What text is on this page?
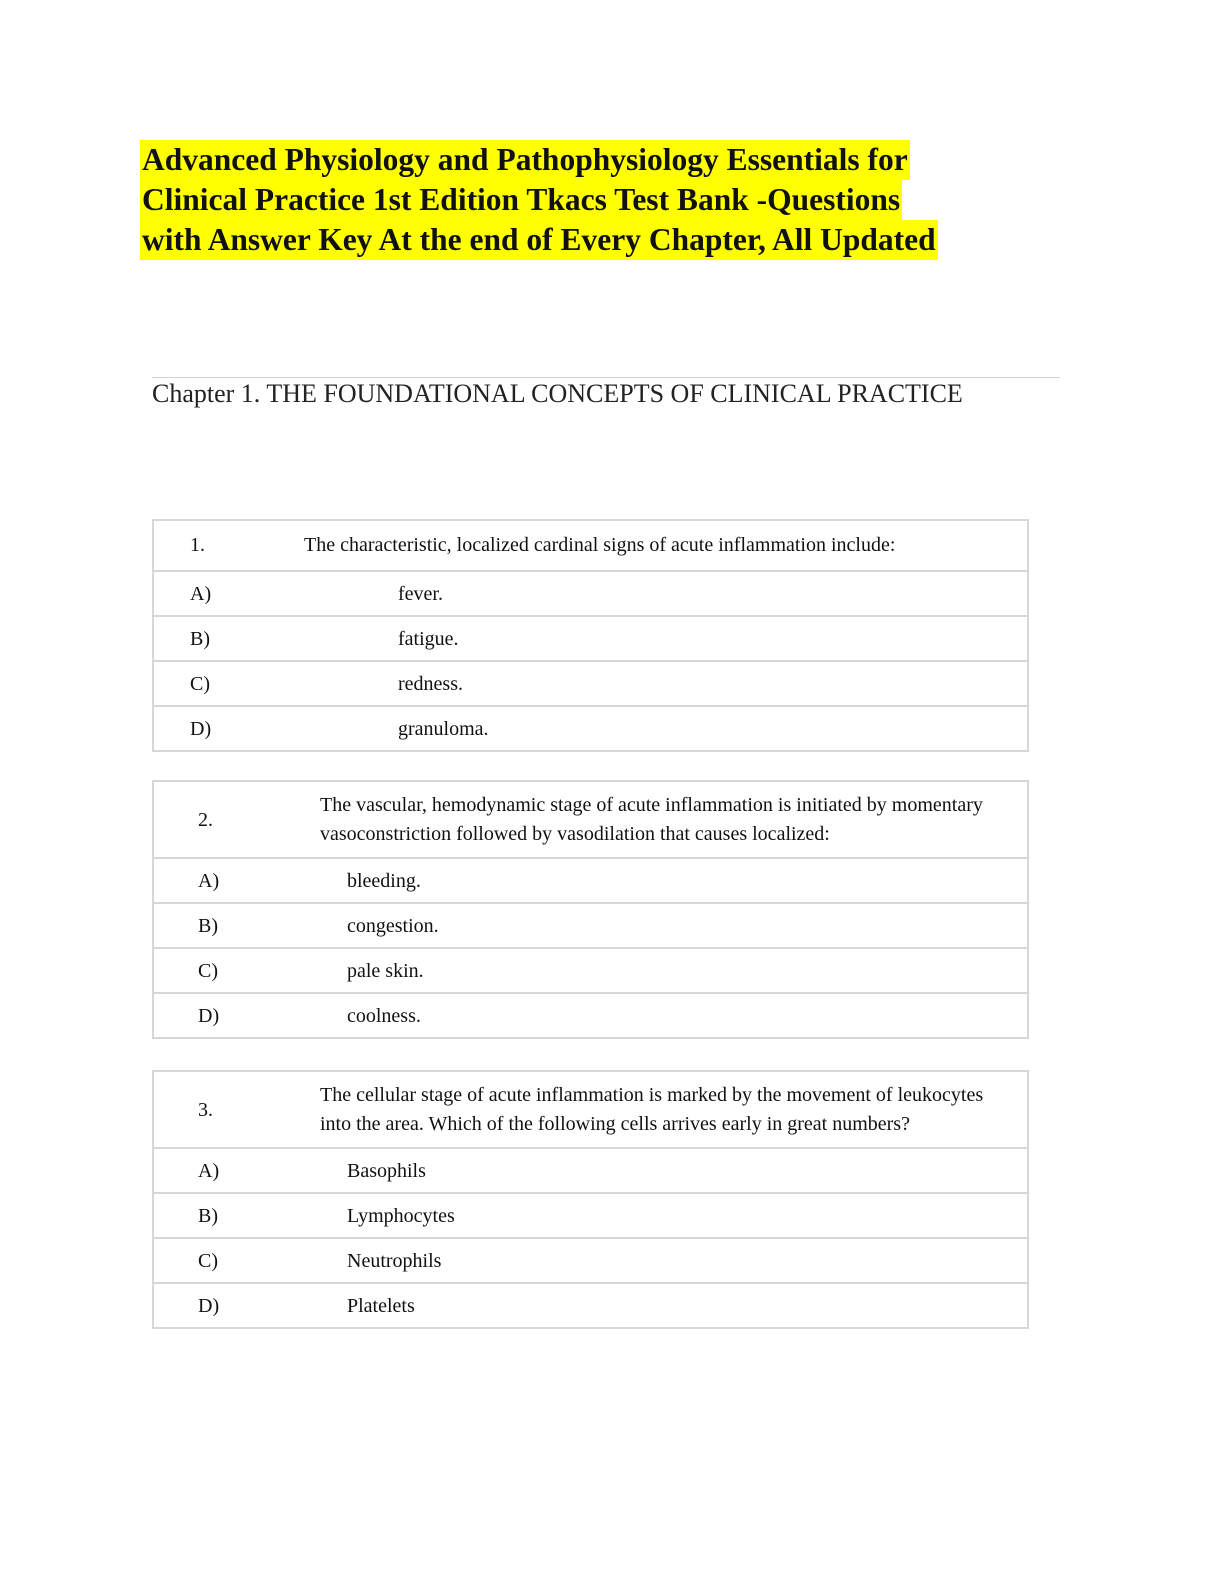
Advanced Physiology and Pathophysiology Essentials for
Clinical Practice 1st Edition Tkacs Test Bank -Questions
with Answer Key At the end of Every Chapter, All Updated
Chapter 1. THE FOUNDATIONAL CONCEPTS OF CLINICAL PRACTICE
1.	The characteristic, localized cardinal signs of acute inflammation include:
A)	fever.
B)	fatigue.
C)	redness.
D)	granuloma.
2.	The vascular, hemodynamic stage of acute inflammation is initiated by momentary vasoconstriction followed by vasodilation that causes localized:
A)	bleeding.
B)	congestion.
C)	pale skin.
D)	coolness.
3.	The cellular stage of acute inflammation is marked by the movement of leukocytes into the area. Which of the following cells arrives early in great numbers?
A)	Basophils
B)	Lymphocytes
C)	Neutrophils
D)	Platelets
